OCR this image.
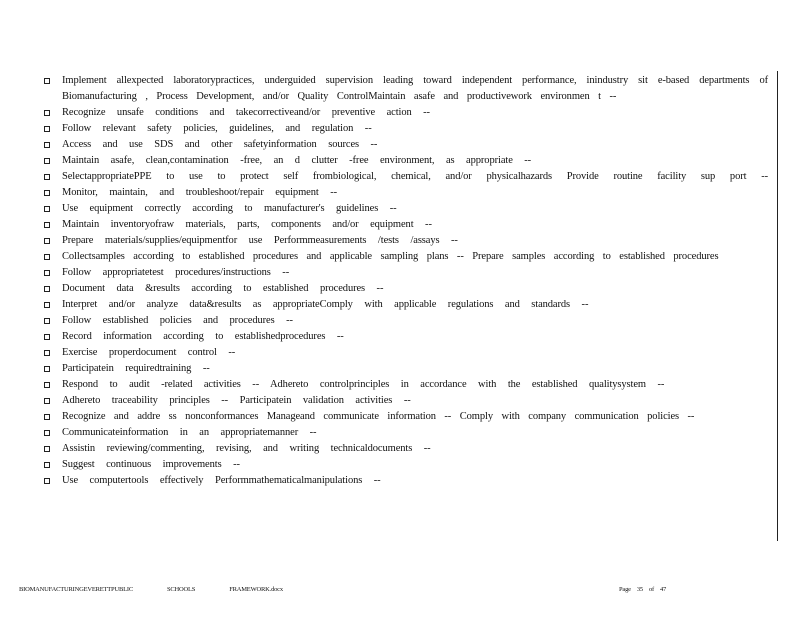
Implement allexpected laboratorypractices, underguided supervision leading toward independent performance, inindustry sit e-based departments of Biomanufacturing , Process Development, and/or Quality ControlMaintain asafe and productivework environmen t --
Recognize unsafe conditions and takecorrectiveand/or preventive action --
Follow relevant safety policies, guidelines, and regulation --
Access and use SDS and other safetyinformation sources --
Maintain asafe, clean,contamination -free, an d clutter -free environment, as appropriate --
SelectappropriatePPE to use to protect self frombiological, chemical, and/or physicalhazards Provide routine facility sup port --
Monitor, maintain, and troubleshoot/repair equipment --
Use equipment correctly according to manufacturer's guidelines --
Maintain inventoryofraw materials, parts, components and/or equipment --
Prepare materials/supplies/equipmentfor use Performmeasurements /tests /assays --
Collectsamples according to established procedures and applicable sampling plans -- Prepare samples according to established procedures
Follow appropriatetest procedures/instructions --
Document data &results according to established procedures --
Interpret and/or analyze data&results as appropriateComply with applicable regulations and standards --
Follow established policies and procedures --
Record information according to establishedprocedures --
Exercise properdocument control --
Participatein requiredtraining --
Respond to audit -related activities -- Adhereto controlprinciples in accordance with the established qualitysystem --
Adhereto traceability principles -- Participatein validation activities --
Recognize and addre ss nonconformances Manageand communicate information -- Comply with company communication policies --
Communicateinformation in an appropriatemanner --
Assistin reviewing/commenting, revising, and writing technicaldocuments --
Suggest continuous improvements --
Use computertools effectively Performmathematicalmanipulations --
BIOMANUFACTURINGEVERETTPUBLIC	SCHOOLS	FRAMEWORK.docx	Page 35 of 47
